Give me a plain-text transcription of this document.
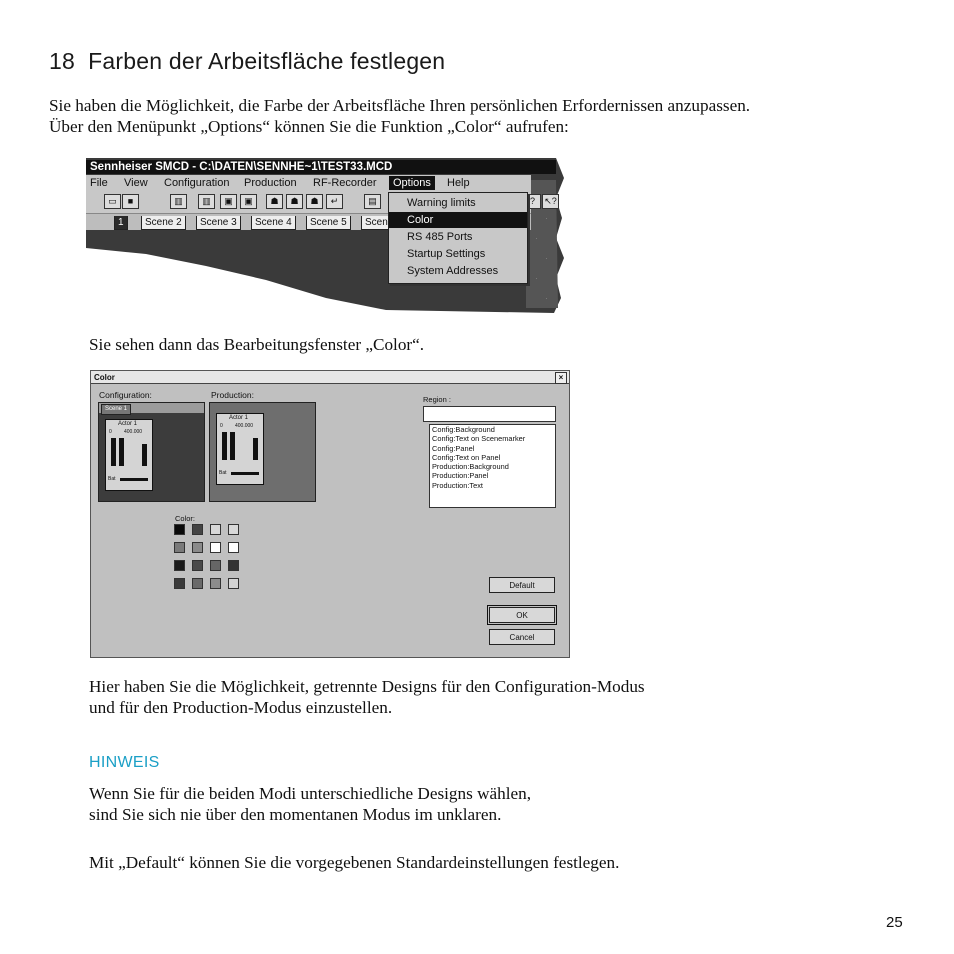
18 Farben der Arbeitsfläche festlegen
Sie haben die Möglichkeit, die Farbe der Arbeitsfläche Ihren persönlichen Erfordernissen anzupassen.
Über den Menüpunkt „Options“ können Sie die Funktion „Color“ aufrufen:
Sennheiser SMCD - C:\DATEN\SENNHE~1\TEST33.MCD
File View Configuration Production RF-Recorder	Options	Help
▭	■	▥	▥	▣	▣	☗	☗	☗	↵	▤	?	↖?
1	Scene 2	Scene 3	Scene 4	Scene 5	Scen
Warning limits
Color
RS 485 Ports
Startup Settings
System Addresses
Sie sehen dann das Bearbeitungsfenster „Color“.
Color	×
Configuration:	Production:
Scene 1
Actor 1
0 400.000
Bat
Actor 1
0 400.000
Bat
Region :
Config:Background
Config:Text on Scenemarker
Config:Panel
Config:Text on Panel
Production:Background
Production:Panel
Production:Text
Color:
Default
OK
Cancel
Hier haben Sie die Möglichkeit, getrennte Designs für den Configuration-Modus
und für den Production-Modus einzustellen.
HINWEIS
Wenn Sie für die beiden Modi unterschiedliche Designs wählen,
sind Sie sich nie über den momentanen Modus im unklaren.
Mit „Default“ können Sie die vorgegebenen Standardeinstellungen festlegen.
25
